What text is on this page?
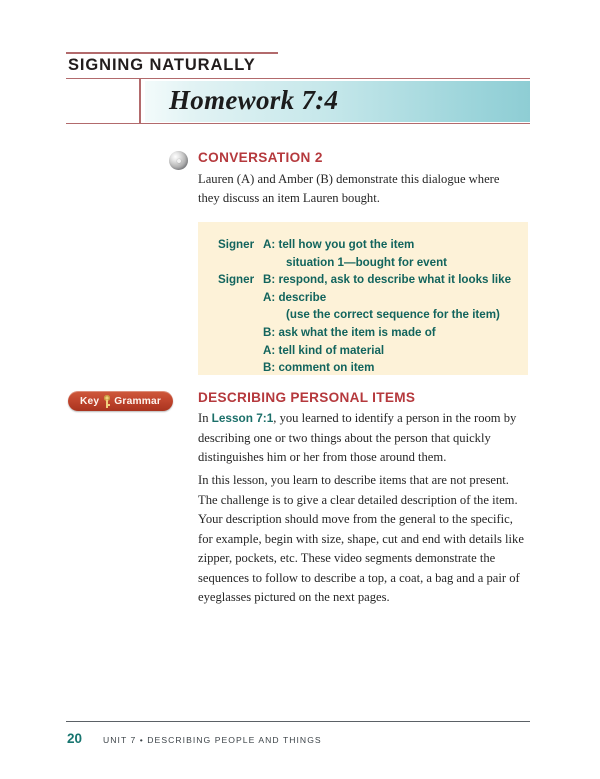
SIGNING NATURALLY
Homework 7:4
CONVERSATION 2
Lauren (A) and Amber (B) demonstrate this dialogue where they discuss an item Lauren bought.
Signer A: tell how you got the item
situation 1—bought for event
Signer B: respond, ask to describe what it looks like
A: describe
(use the correct sequence for the item)
B: ask what the item is made of
A: tell kind of material
B: comment on item
Key Grammar	DESCRIBING PERSONAL ITEMS
In Lesson 7:1, you learned to identify a person in the room by describing one or two things about the person that quickly distinguishes him or her from those around them.
In this lesson, you learn to describe items that are not present. The challenge is to give a clear detailed description of the item. Your description should move from the general to the specific, for example, begin with size, shape, cut and end with details like zipper, pockets, etc. These video segments demonstrate the sequences to follow to describe a top, a coat, a bag and a pair of eyeglasses pictured on the next pages.
20 UNIT 7 • DESCRIBING PEOPLE AND THINGS
